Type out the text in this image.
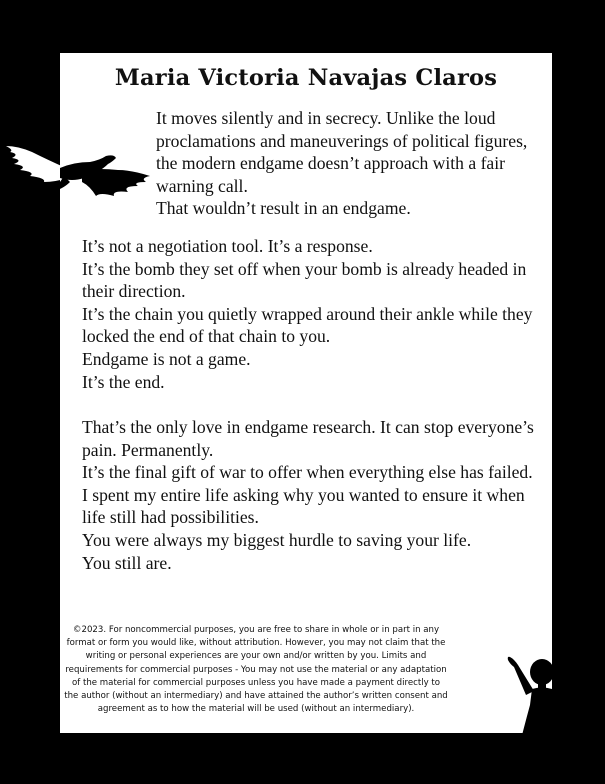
Maria Victoria Navajas Claros

It moves silently and in secrecy. Unlike the loud proclamations and maneuverings of political figures, the modern endgame doesn’t approach with a fair warning call.
That wouldn’t result in an endgame.

It’s not a negotiation tool. It’s a response.
It’s the bomb they set off when your bomb is already headed in their direction.
It’s the chain you quietly wrapped around their ankle while they locked the end of that chain to you.
Endgame is not a game.
It’s the end.

That’s the only love in endgame research. It can stop everyone’s pain. Permanently.
It’s the final gift of war to offer when everything else has failed.
I spent my entire life asking why you wanted to ensure it when life still had possibilities.
You were always my biggest hurdle to saving your life.
You still are.

©2023. For noncommercial purposes, you are free to share in whole or in part in any format or form you would like, without attribution. However, you may not claim that the writing or personal experiences are your own and/or written by you. Limits and requirements for commercial purposes - You may not use the material or any adaptation of the material for commercial purposes unless you have made a payment directly to the author (without an intermediary) and have attained the author’s written consent and agreement as to how the material will be used (without an intermediary).
